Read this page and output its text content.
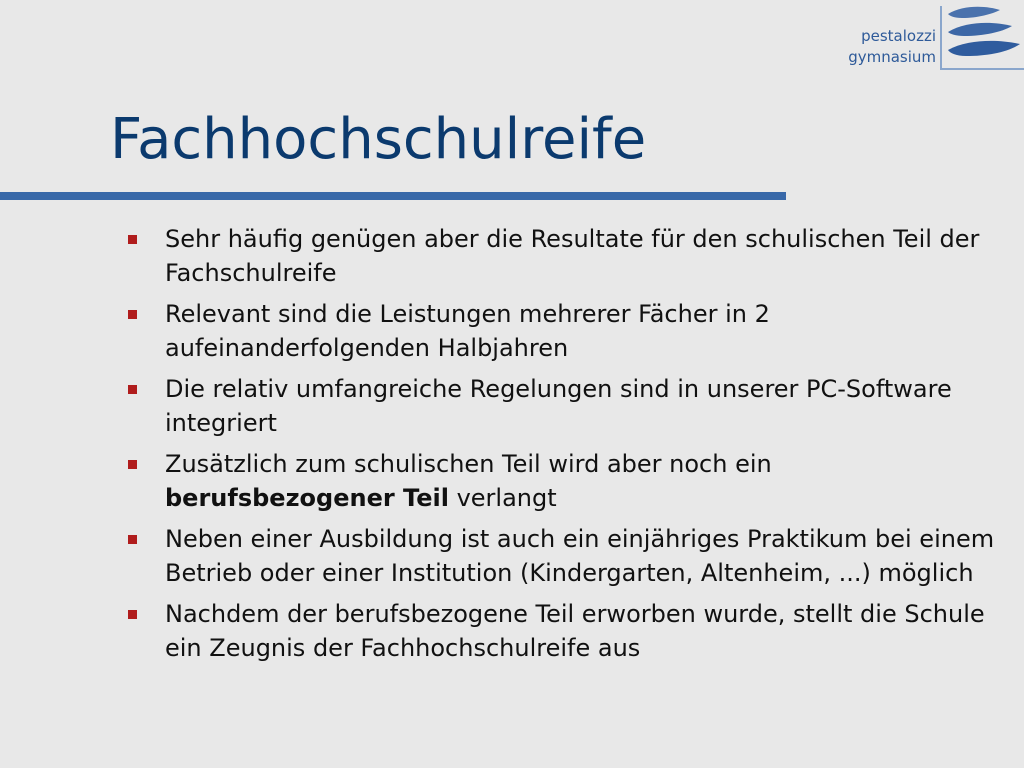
pestalozzi
gymnasium
Fachhochschulreife
Sehr häufig genügen aber die Resultate für den schulischen Teil der Fachschulreife
Relevant sind die Leistungen mehrerer Fächer in 2 aufeinanderfolgenden Halbjahren
Die relativ umfangreiche Regelungen sind in unserer PC-Software integriert
Zusätzlich zum schulischen Teil wird aber noch ein berufsbezogener Teil verlangt
Neben einer Ausbildung ist auch ein einjähriges Praktikum bei einem Betrieb oder einer Institution (Kindergarten, Altenheim, ...) möglich
Nachdem der berufsbezogene Teil erworben wurde, stellt die Schule ein Zeugnis der Fachhochschulreife aus
